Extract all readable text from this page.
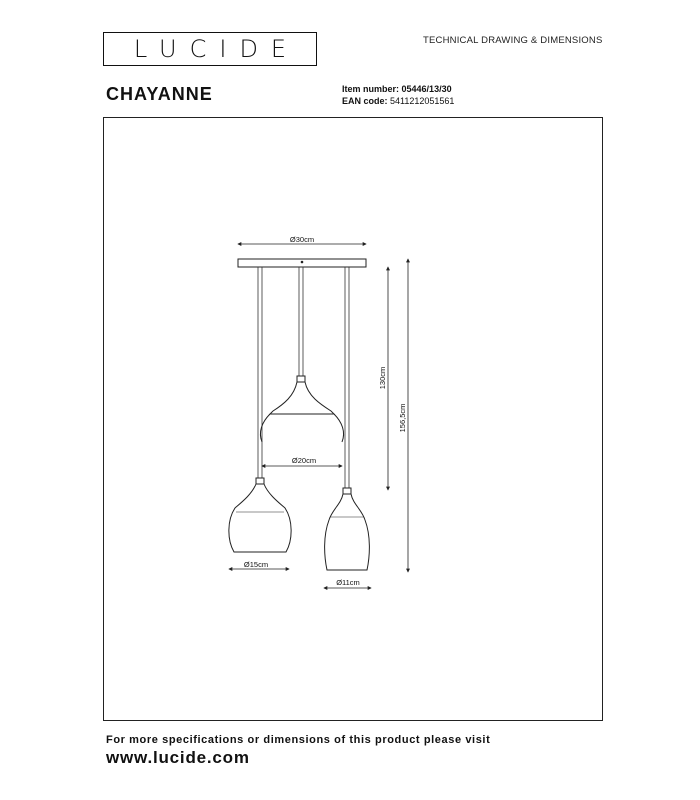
LUCIDE	TECHNICAL DRAWING & DIMENSIONS
CHAYANNE	Item number: 05446/13/30
EAN code: 5411212051561
Ø30cm
Ø20cm
Ø15cm
Ø11cm
130cm
156,5cm
For more specifications or dimensions of this product please visit
www.lucide.com
